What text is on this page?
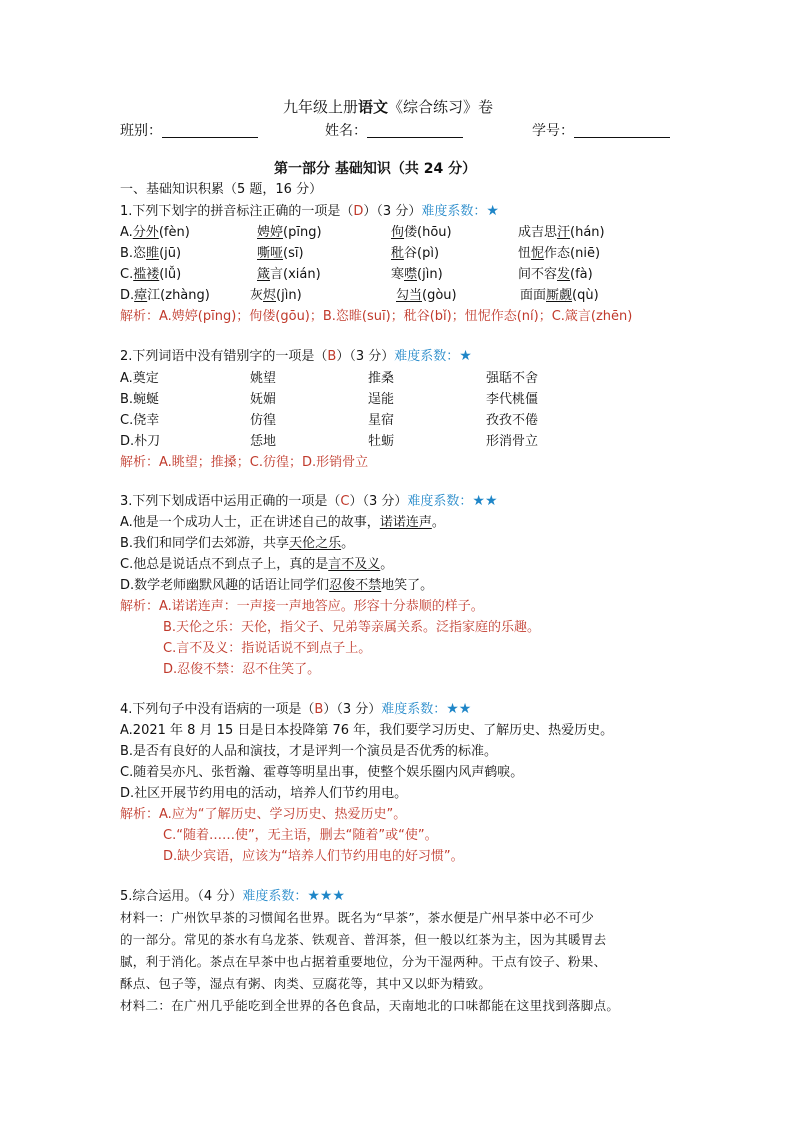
九年级上册语文《综合练习》卷
班别：	姓名：	学号：
第一部分 基础知识（共 24 分）
一、基础知识积累（5 题，16 分）
1.下列下划字的拼音标注正确的一项是（D）（3 分）难度系数：★
A.分外(fèn)	娉婷(pīng)	佝偻(hōu)	成吉思汗(hán)
B.恣睢(jū)	嘶哑(sī)	秕谷(pì)	忸怩作态(niē)
C.褴褛(lǚ)	箴言(xián)	寒噤(jìn)	间不容发(fà)
D.瘴江(zhàng)	灰烬(jìn)	勾当(gòu)	面面厮觑(qù)
解析：A.娉婷(pīng)；佝偻(gōu)；B.恣睢(suī)；秕谷(bǐ)；忸怩作态(ní)；C.箴言(zhēn)
2.下列词语中没有错别字的一项是（B）（3 分）难度系数：★
A.奠定	姚望	推桑	强聒不舍
B.蜿蜒	妩媚	逞能	李代桃僵
C.侥幸	仿徨	星宿	孜孜不倦
D.朴刀	恁地	牡蛎	形消骨立
解析：A.眺望；推搡；C.彷徨；D.形销骨立
3.下列下划成语中运用正确的一项是（C）（3 分）难度系数：★★
A.他是一个成功人士，正在讲述自己的故事，诺诺连声。
B.我们和同学们去郊游，共享天伦之乐。
C.他总是说话点不到点子上，真的是言不及义。
D.数学老师幽默风趣的话语让同学们忍俊不禁地笑了。
解析：A.诺诺连声：一声接一声地答应。形容十分恭顺的样子。
B.天伦之乐：天伦，指父子、兄弟等亲属关系。泛指家庭的乐趣。
C.言不及义：指说话说不到点子上。
D.忍俊不禁：忍不住笑了。
4.下列句子中没有语病的一项是（B）（3 分）难度系数：★★
A.2021 年 8 月 15 日是日本投降第 76 年，我们要学习历史、了解历史、热爱历史。
B.是否有良好的人品和演技，才是评判一个演员是否优秀的标准。
C.随着吴亦凡、张哲瀚、霍尊等明星出事，使整个娱乐圈内风声鹤唳。
D.社区开展节约用电的活动，培养人们节约用电。
解析：A.应为“了解历史、学习历史、热爱历史”。
C.“随着……使”，无主语，删去“随着”或“使”。
D.缺少宾语，应该为“培养人们节约用电的好习惯”。
5.综合运用。（4 分）难度系数：★★★
材料一：广州饮早茶的习惯闻名世界。既名为“早茶”，茶水便是广州早茶中必不可少
的一部分。常见的茶水有乌龙茶、铁观音、普洱茶，但一般以红茶为主，因为其暖胃去
腻，利于消化。茶点在早茶中也占据着重要地位，分为干湿两种。干点有饺子、粉果、
酥点、包子等，湿点有粥、肉类、豆腐花等，其中又以虾为精致。
材料二：在广州几乎能吃到全世界的各色食品，天南地北的口味都能在这里找到落脚点。
